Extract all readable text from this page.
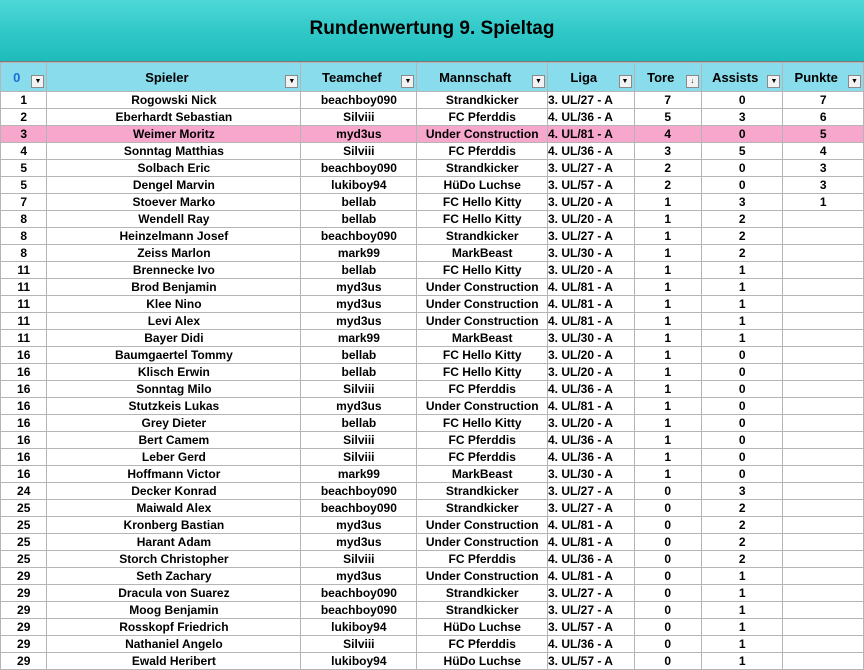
Rundenwertung 9. Spieltag
0 ▼	Spieler ▼	Teamchef ▼	Mannschaft ▼	Liga ▼	Tore ↓	Assists ▼	Punkte ▼

1	Rogowski Nick	beachboy090	Strandkicker	3. UL/27 - A	7	0	7
2	Eberhardt Sebastian	Silviii	FC Pferddis	4. UL/36 - A	5	3	6
3	Weimer Moritz	myd3us	Under Construction	4. UL/81 - A	4	0	5
4	Sonntag Matthias	Silviii	FC Pferddis	4. UL/36 - A	3	5	4
5	Solbach Eric	beachboy090	Strandkicker	3. UL/27 - A	2	0	3
5	Dengel Marvin	lukiboy94	HüDo Luchse	3. UL/57 - A	2	0	3
7	Stoever Marko	bellab	FC Hello Kitty	3. UL/20 - A	1	3	1
8	Wendell Ray	bellab	FC Hello Kitty	3. UL/20 - A	1	2	
8	Heinzelmann Josef	beachboy090	Strandkicker	3. UL/27 - A	1	2	
8	Zeiss Marlon	mark99	MarkBeast	3. UL/30 - A	1	2	
11	Brennecke Ivo	bellab	FC Hello Kitty	3. UL/20 - A	1	1	
11	Brod Benjamin	myd3us	Under Construction	4. UL/81 - A	1	1	
11	Klee Nino	myd3us	Under Construction	4. UL/81 - A	1	1	
11	Levi Alex	myd3us	Under Construction	4. UL/81 - A	1	1	
11	Bayer Didi	mark99	MarkBeast	3. UL/30 - A	1	1	
16	Baumgaertel Tommy	bellab	FC Hello Kitty	3. UL/20 - A	1	0	
16	Klisch Erwin	bellab	FC Hello Kitty	3. UL/20 - A	1	0	
16	Sonntag Milo	Silviii	FC Pferddis	4. UL/36 - A	1	0	
16	Stutzkeis Lukas	myd3us	Under Construction	4. UL/81 - A	1	0	
16	Grey Dieter	bellab	FC Hello Kitty	3. UL/20 - A	1	0	
16	Bert Camem	Silviii	FC Pferddis	4. UL/36 - A	1	0	
16	Leber Gerd	Silviii	FC Pferddis	4. UL/36 - A	1	0	
16	Hoffmann Victor	mark99	MarkBeast	3. UL/30 - A	1	0	
24	Decker Konrad	beachboy090	Strandkicker	3. UL/27 - A	0	3	
25	Maiwald Alex	beachboy090	Strandkicker	3. UL/27 - A	0	2	
25	Kronberg Bastian	myd3us	Under Construction	4. UL/81 - A	0	2	
25	Harant Adam	myd3us	Under Construction	4. UL/81 - A	0	2	
25	Storch Christopher	Silviii	FC Pferddis	4. UL/36 - A	0	2	
29	Seth Zachary	myd3us	Under Construction	4. UL/81 - A	0	1	
29	Dracula von Suarez	beachboy090	Strandkicker	3. UL/27 - A	0	1	
29	Moog Benjamin	beachboy090	Strandkicker	3. UL/27 - A	0	1	
29	Rosskopf Friedrich	lukiboy94	HüDo Luchse	3. UL/57 - A	0	1	
29	Nathaniel Angelo	Silviii	FC Pferddis	4. UL/36 - A	0	1	
29	Ewald Heribert	lukiboy94	HüDo Luchse	3. UL/57 - A	0	1	
